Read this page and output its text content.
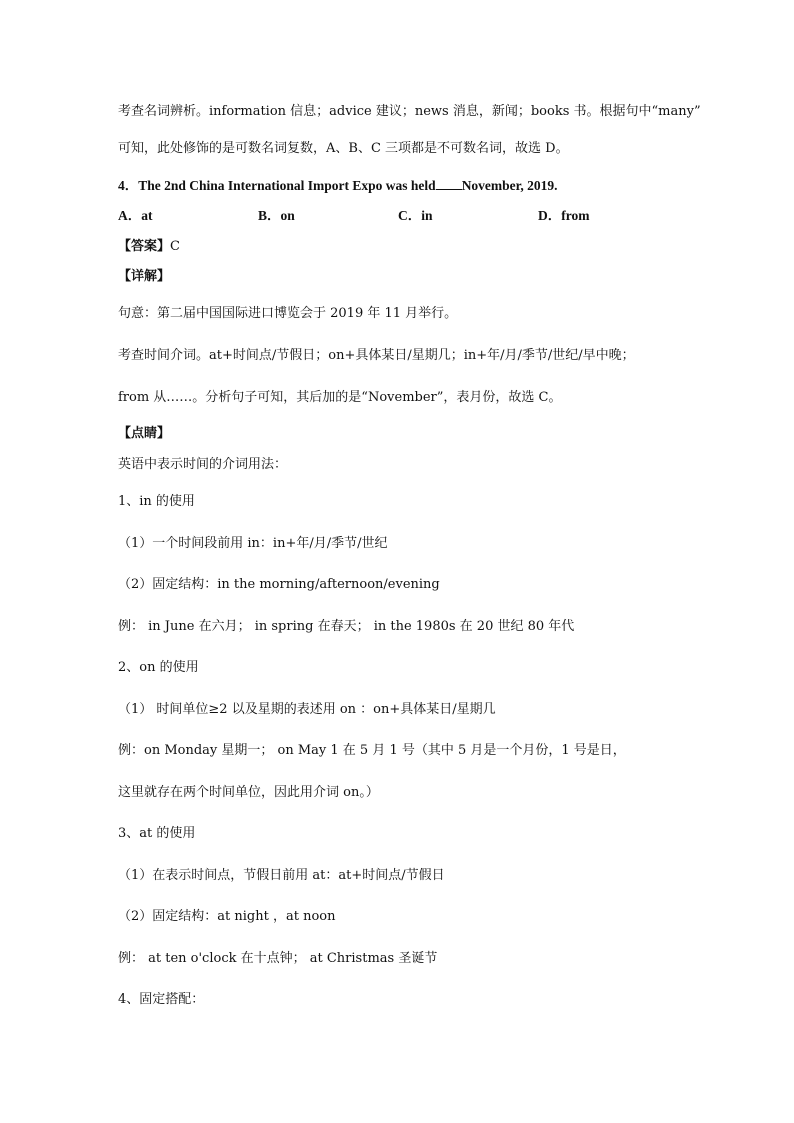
考查名词辨析。information 信息；advice 建议；news 消息，新闻；books 书。根据句中“many”
可知，此处修饰的是可数名词复数，A、B、C 三项都是不可数名词，故选 D。
4．The 2nd China International Import Expo was held November, 2019.
A．at	B．on	C．in	D．from
【答案】C
【详解】
句意：第二届中国国际进口博览会于 2019 年 11 月举行。
考查时间介词。at+时间点/节假日；on+具体某日/星期几；in+年/月/季节/世纪/早中晚；
from 从……。分析句子可知，其后加的是“November”，表月份，故选 C。
【点睛】
英语中表示时间的介词用法：
1、in 的使用
（1）一个时间段前用 in：in+年/月/季节/世纪
（2）固定结构：in the morning/afternoon/evening
例： in June 在六月； in spring 在春天； in the 1980s 在 20 世纪 80 年代
2、on 的使用
（1） 时间单位≥2 以及星期的表述用 on ：on+具体某日/星期几
例：on Monday 星期一； on May 1 在 5 月 1 号（其中 5 月是一个月份，1 号是日，
这里就存在两个时间单位，因此用介词 on。）
3、at 的使用
（1）在表示时间点，节假日前用 at：at+时间点/节假日
（2）固定结构：at night ，at noon
例： at ten o'clock 在十点钟； at Christmas 圣诞节
4、固定搭配：
